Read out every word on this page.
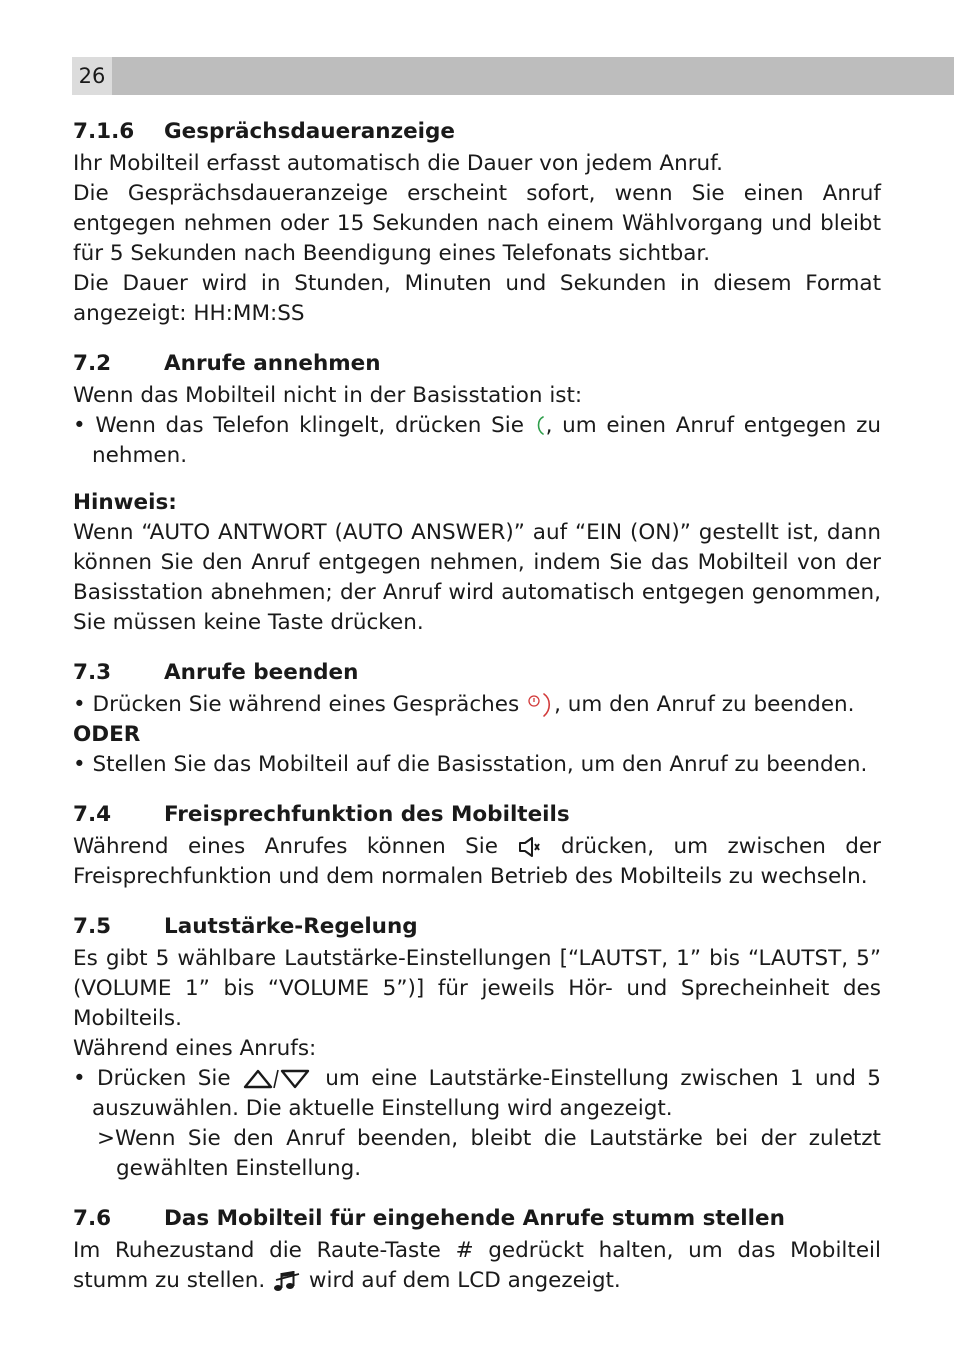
26
7.1.6	Gesprächsdaueranzeige

Ihr Mobilteil erfasst automatisch die Dauer von jedem Anruf.

Die Gesprächsdaueranzeige erscheint sofort, wenn Sie einen Anruf entgegen nehmen oder 15 Sekunden nach einem Wählvorgang und bleibt für 5 Sekunden nach Beendigung eines Telefonats sichtbar.

Die Dauer wird in Stunden, Minuten und Sekunden in diesem Format angezeigt: HH:MM:SS

7.2	Anrufe annehmen

Wenn das Mobilteil nicht in der Basisstation ist:

• Wenn das Telefon klingelt, drücken Sie , um einen Anruf entgegen zu nehmen.

Hinweis:

Wenn “AUTO ANTWORT (AUTO ANSWER)” auf “EIN (ON)” gestellt ist, dann können Sie den Anruf entgegen nehmen, indem Sie das Mobilteil von der Basisstation abnehmen; der Anruf wird automatisch entgegen genommen, Sie müssen keine Taste drücken.

7.3	Anrufe beenden

• Drücken Sie während eines Gespräches , um den Anruf zu beenden.

ODER

• Stellen Sie das Mobilteil auf die Basisstation, um den Anruf zu beenden.

7.4	Freisprechfunktion des Mobilteils

Während eines Anrufes können Sie	drücken, um zwischen der Freisprechfunktion und dem normalen Betrieb des Mobilteils zu wechseln.

7.5	Lautstärke-Regelung

Es gibt 5 wählbare Lautstärke-Einstellungen [“LAUTST, 1” bis “LAUTST, 5” (VOLUME 1” bis “VOLUME 5”)] für jeweils Hör- und Sprecheinheit des Mobilteils.

Während eines Anrufs:

• Drücken Sie	um eine Lautstärke-Einstellung zwischen 1 und 5 auszuwählen. Die aktuelle Einstellung wird angezeigt.

>Wenn Sie den Anruf beenden, bleibt die Lautstärke bei der zuletzt gewählten Einstellung.

7.6	Das Mobilteil für eingehende Anrufe stumm stellen

Im Ruhezustand die Raute-Taste # gedrückt halten, um das Mobilteil stumm zu stellen. wird auf dem LCD angezeigt.
